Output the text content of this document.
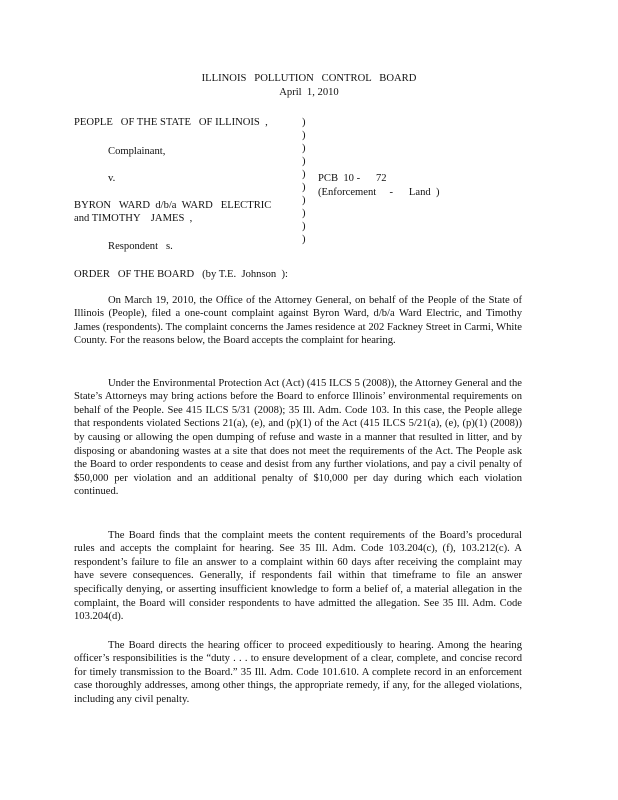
ILLINOIS   POLLUTION   CONTROL   BOARD
April  1, 2010
PEOPLE   OF THE STATE   OF ILLINOIS  ,
Complainant,
v.
BYRON   WARD  d/b/a  WARD   ELECTRIC
and TIMOTHY    JAMES  ,
Respondent   s.
)
)
)
)
)
)
)
)
)
)
PCB  10 -      72
(Enforcement     -      Land  )
ORDER   OF THE BOARD   (by T.E.  Johnson  ):

On March 19, 2010, the Office of the Attorney General, on behalf of the People of the State of Illinois (People), filed a one-count complaint against Byron Ward, d/b/a Ward Electric, and Timothy James (respondents). The complaint concerns the James residence at 202 Fackney Street in Carmi, White County. For the reasons below, the Board accepts the complaint for hearing.

Under the Environmental Protection Act (Act) (415 ILCS 5 (2008)), the Attorney General and the State’s Attorneys may bring actions before the Board to enforce Illinois’ environmental requirements on behalf of the People. See 415 ILCS 5/31 (2008); 35 Ill. Adm. Code 103. In this case, the People allege that respondents violated Sections 21(a), (e), and (p)(1) of the Act (415 ILCS 5/21(a), (e), (p)(1) (2008)) by causing or allowing the open dumping of refuse and waste in a manner that resulted in litter, and by disposing or abandoning wastes at a site that does not meet the requirements of the Act. The People ask the Board to order respondents to cease and desist from any further violations, and pay a civil penalty of $50,000 per violation and an additional penalty of $10,000 per day during which each violation continued.

The Board finds that the complaint meets the content requirements of the Board’s procedural rules and accepts the complaint for hearing. See 35 Ill. Adm. Code 103.204(c), (f), 103.212(c). A respondent’s failure to file an answer to a complaint within 60 days after receiving the complaint may have severe consequences. Generally, if respondents fail within that timeframe to file an answer specifically denying, or asserting insufficient knowledge to form a belief of, a material allegation in the complaint, the Board will consider respondents to have admitted the allegation. See 35 Ill. Adm. Code 103.204(d).

The Board directs the hearing officer to proceed expeditiously to hearing. Among the hearing officer’s responsibilities is the “duty . . . to ensure development of a clear, complete, and concise record for timely transmission to the Board.” 35 Ill. Adm. Code 101.610. A complete record in an enforcement case thoroughly addresses, among other things, the appropriate remedy, if any, for the alleged violations, including any civil penalty.
